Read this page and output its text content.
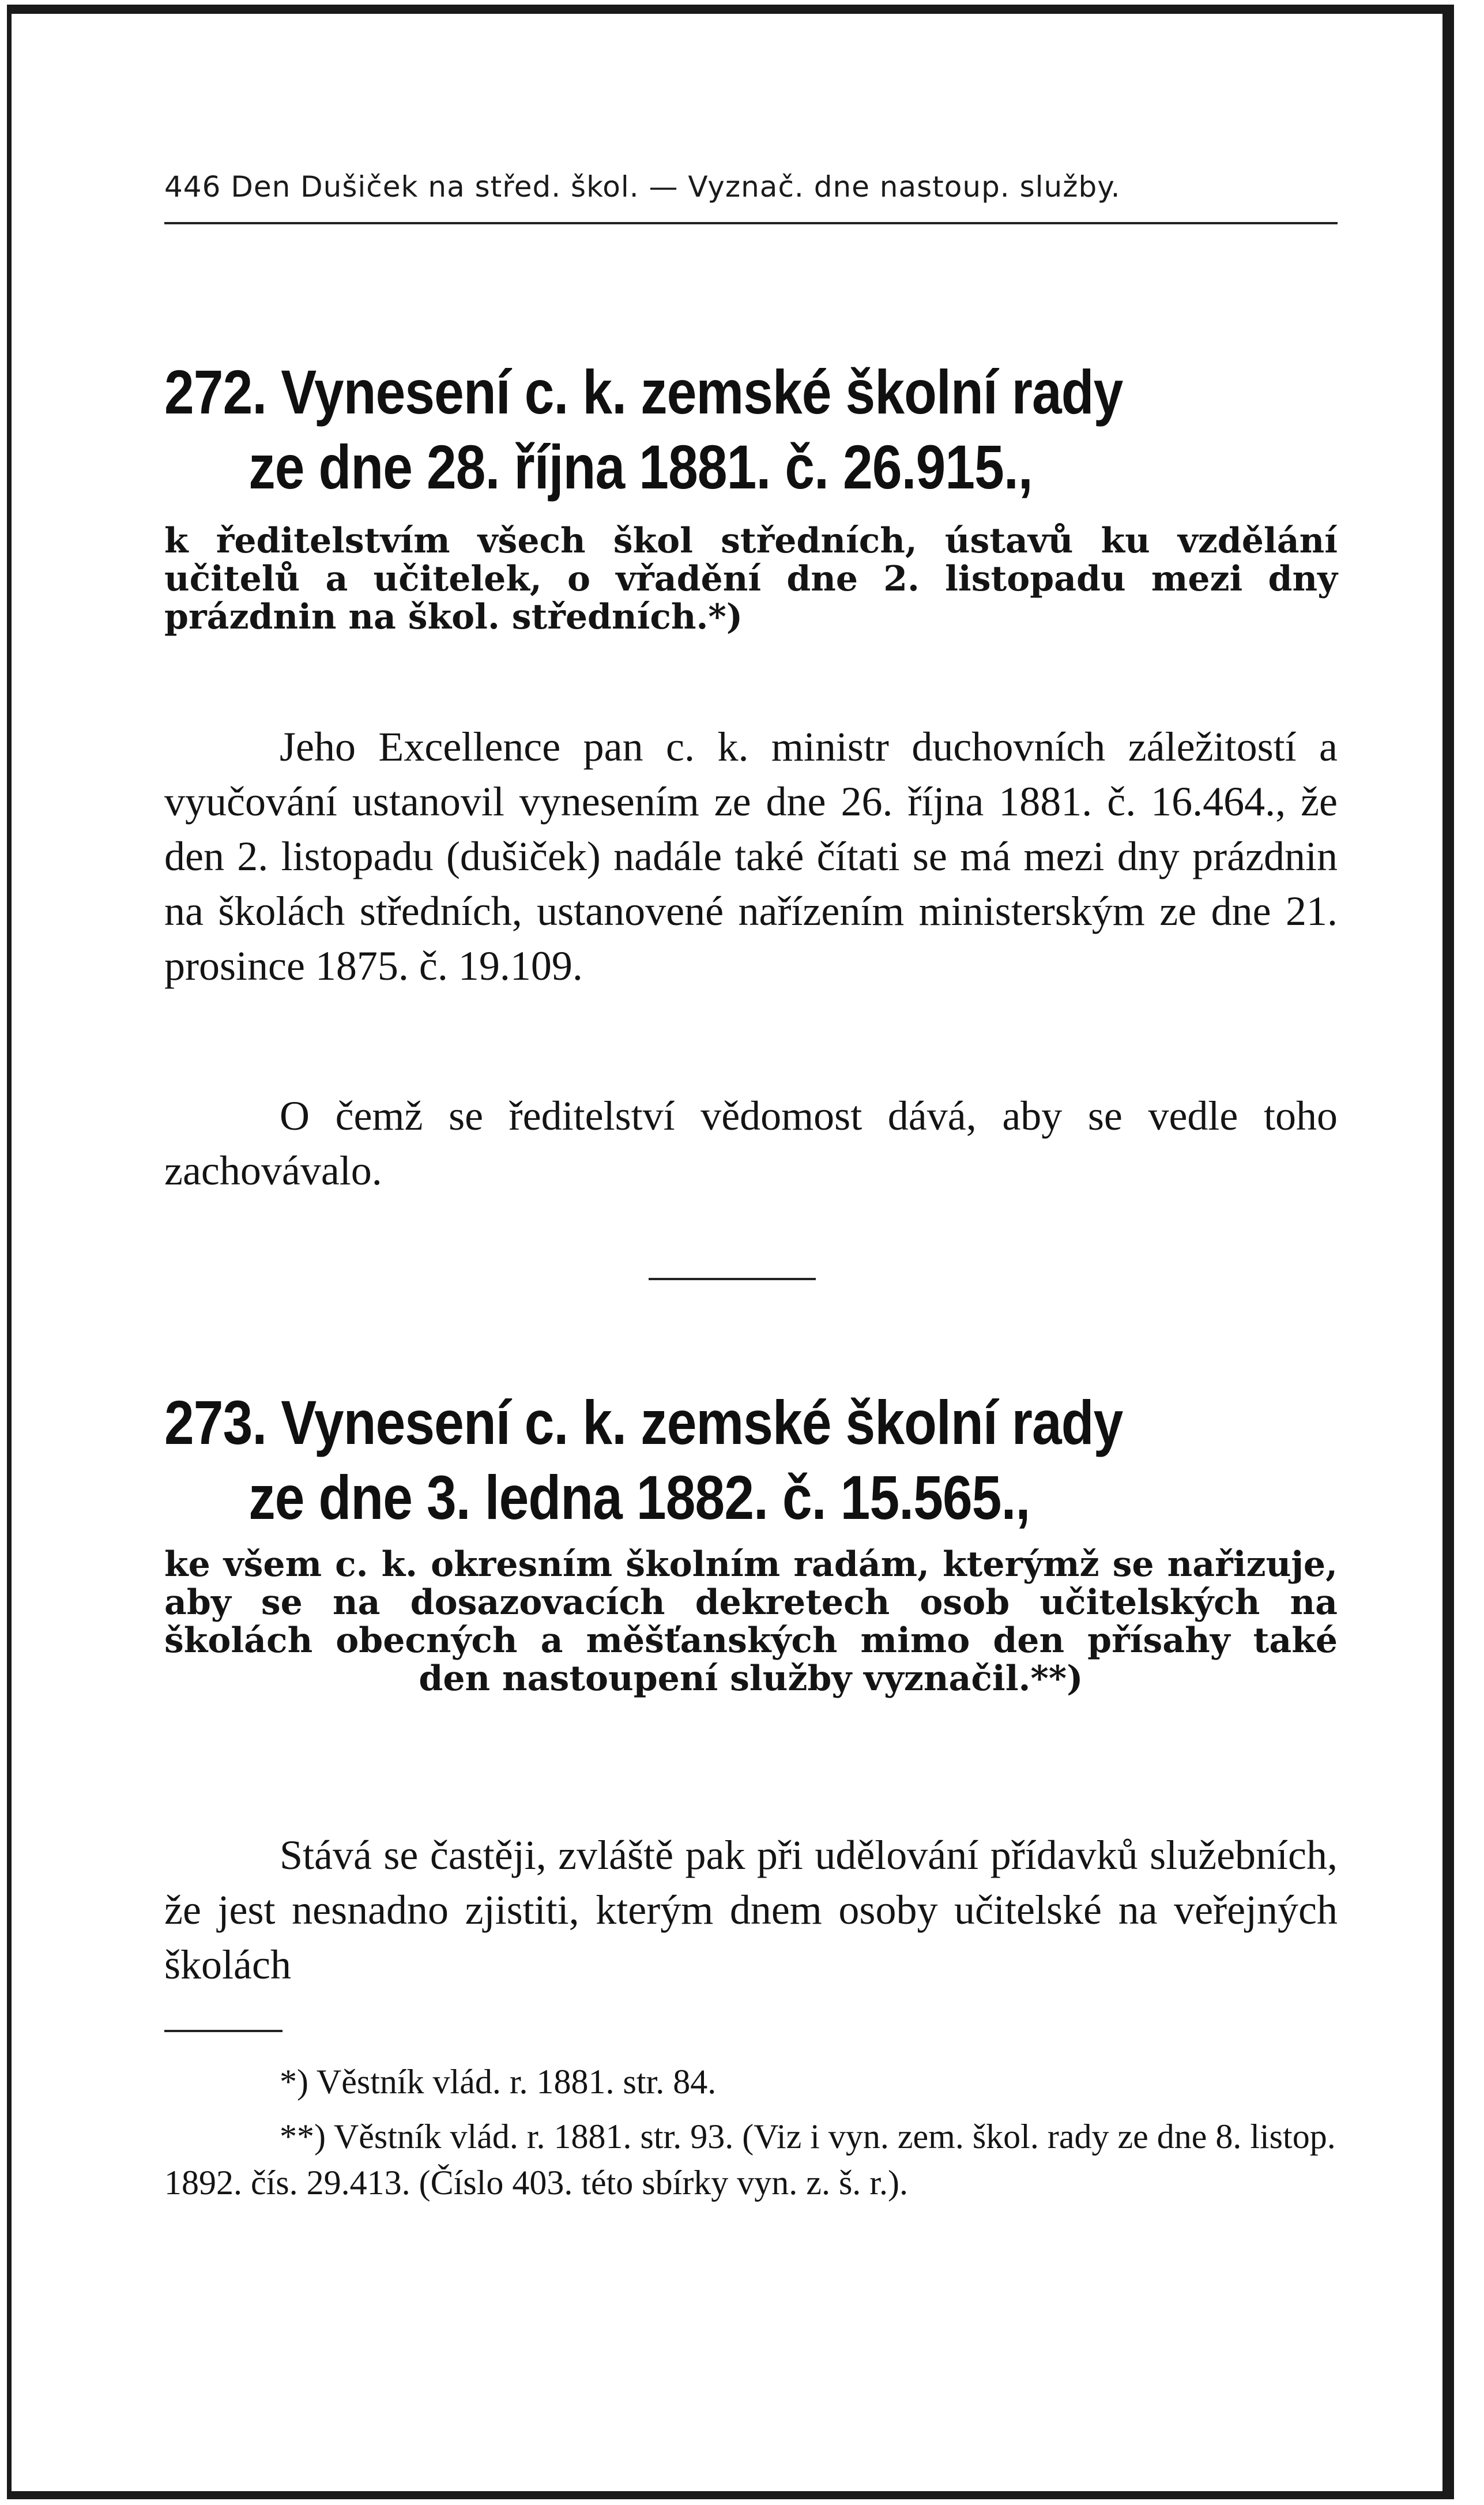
446 Den Dušiček na střed. škol. — Vyznač. dne nastoup. služby.
272. Vynesení c. k. zemské školní rady
ze dne 28. října 1881. č. 26.915.,
k ředitelstvím všech škol středních, ústavů ku vzdělání učitelů a učitelek, o vřadění dne 2. listopadu mezi dny prázdnin na škol. středních.*)
Jeho Excellence pan c. k. ministr duchovních záležitostí a vyučování ustanovil vynesením ze dne 26. října 1881. č. 16.464., že den 2. listopadu (dušiček) nadále také čítati se má mezi dny prázdnin na školách středních, ustanovené nařízením ministerským ze dne 21. prosince 1875. č. 19.109.
O čemž se ředitelství vědomost dává, aby se vedle toho zachovávalo.
273. Vynesení c. k. zemské školní rady
ze dne 3. ledna 1882. č. 15.565.,
ke všem c. k. okresním školním radám, kterýmž se nařizuje, aby se na dosazovacích dekretech osob učitelských na školách obecných a měšťanských mimo den přísahy také den nastoupení služby vyznačil.**)
Stává se častěji, zvláště pak při udělování přídavků služebních, že jest nesnadno zjistiti, kterým dnem osoby učitelské na veřejných školách
*) Věstník vlád. r. 1881. str. 84.
**) Věstník vlád. r. 1881. str. 93. (Viz i vyn. zem. škol. rady ze dne 8. listop. 1892. čís. 29.413. (Číslo 403. této sbírky vyn. z. š. r.).
